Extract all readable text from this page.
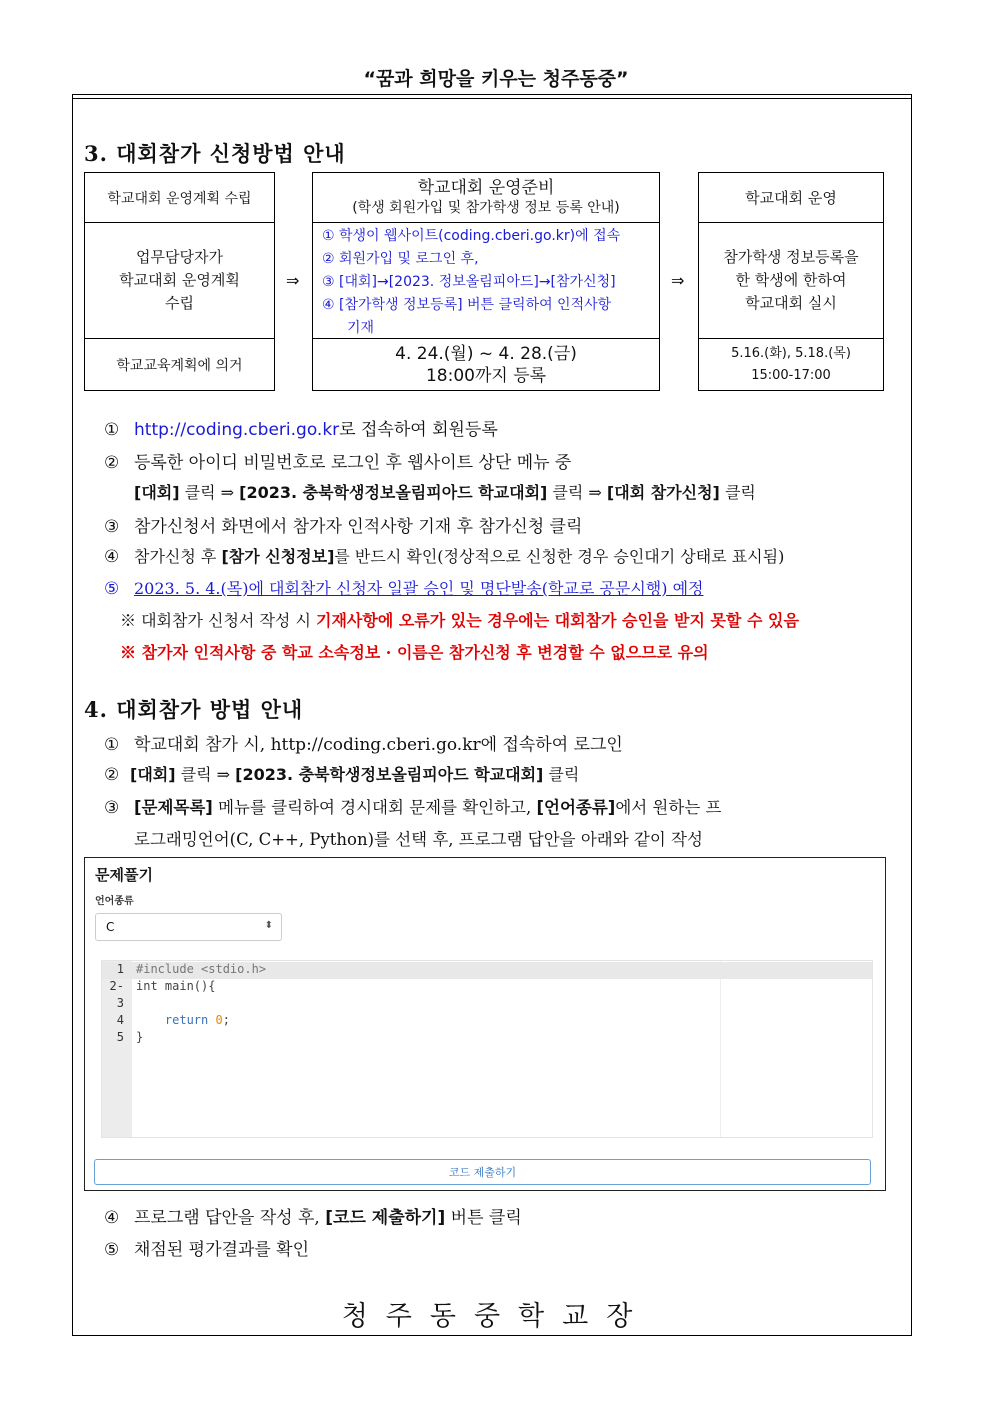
“꿈과 희망을 키우는 청주동중”
3. 대회참가 신청방법 안내
학교대회 운영계획 수립
업무담당자가
학교대회 운영계획
수립
학교교육계획에 의거
⇒
학교대회 운영준비
(학생 회원가입 및 참가학생 정보 등록 안내)
① 학생이 웹사이트(coding.cberi.go.kr)에 접속
② 회원가입 및 로그인 후,
③ [대회]→[2023. 정보올림피아드]→[참가신청]
④ [참가학생 정보등록] 버튼 클릭하여 인적사항
기재
4. 24.(월) ~ 4. 28.(금)
18:00까지 등록
⇒
학교대회 운영
참가학생 정보등록을
한 학생에 한하여
학교대회 실시
5.16.(화), 5.18.(목)
15:00-17:00
① http://coding.cberi.go.kr로 접속하여 회원등록
② 등록한 아이디 비밀번호로 로그인 후 웹사이트 상단 메뉴 중
[대회] 클릭 ⇒ [2023. 충북학생정보올림피아드 학교대회] 클릭 ⇒ [대회 참가신청] 클릭
③ 참가신청서 화면에서 참가자 인적사항 기재 후 참가신청 클릭
④ 참가신청 후 [참가 신청정보]를 반드시 확인(정상적으로 신청한 경우 승인대기 상태로 표시됨)
⑤ 2023. 5. 4.(목)에 대회참가 신청자 일괄 승인 및 명단발송(학교로 공문시행) 예정
※ 대회참가 신청서 작성 시 기재사항에 오류가 있는 경우에는 대회참가 승인을 받지 못할 수 있음
※ 참가자 인적사항 중 학교 소속정보 · 이름은 참가신청 후 변경할 수 없으므로 유의
4. 대회참가 방법 안내
① 학교대회 참가 시, http://coding.cberi.go.kr에 접속하여 로그인
② [대회] 클릭 ⇒ [2023. 충북학생정보올림피아드 학교대회] 클릭
③ [문제목록] 메뉴를 클릭하여 경시대회 문제를 확인하고, [언어종류]에서 원하는 프
로그래밍언어(C, C++, Python)를 선택 후, 프로그램 답안을 아래와 같이 작성
문제풀기
언어종류
C	⬍
1 #include <stdio.h>
2- int main(){
3
4 return 0;
5 }
코드 제출하기
④ 프로그램 답안을 작성 후, [코드 제출하기] 버튼 클릭
⑤ 채점된 평가결과를 확인
청주동중학교장
